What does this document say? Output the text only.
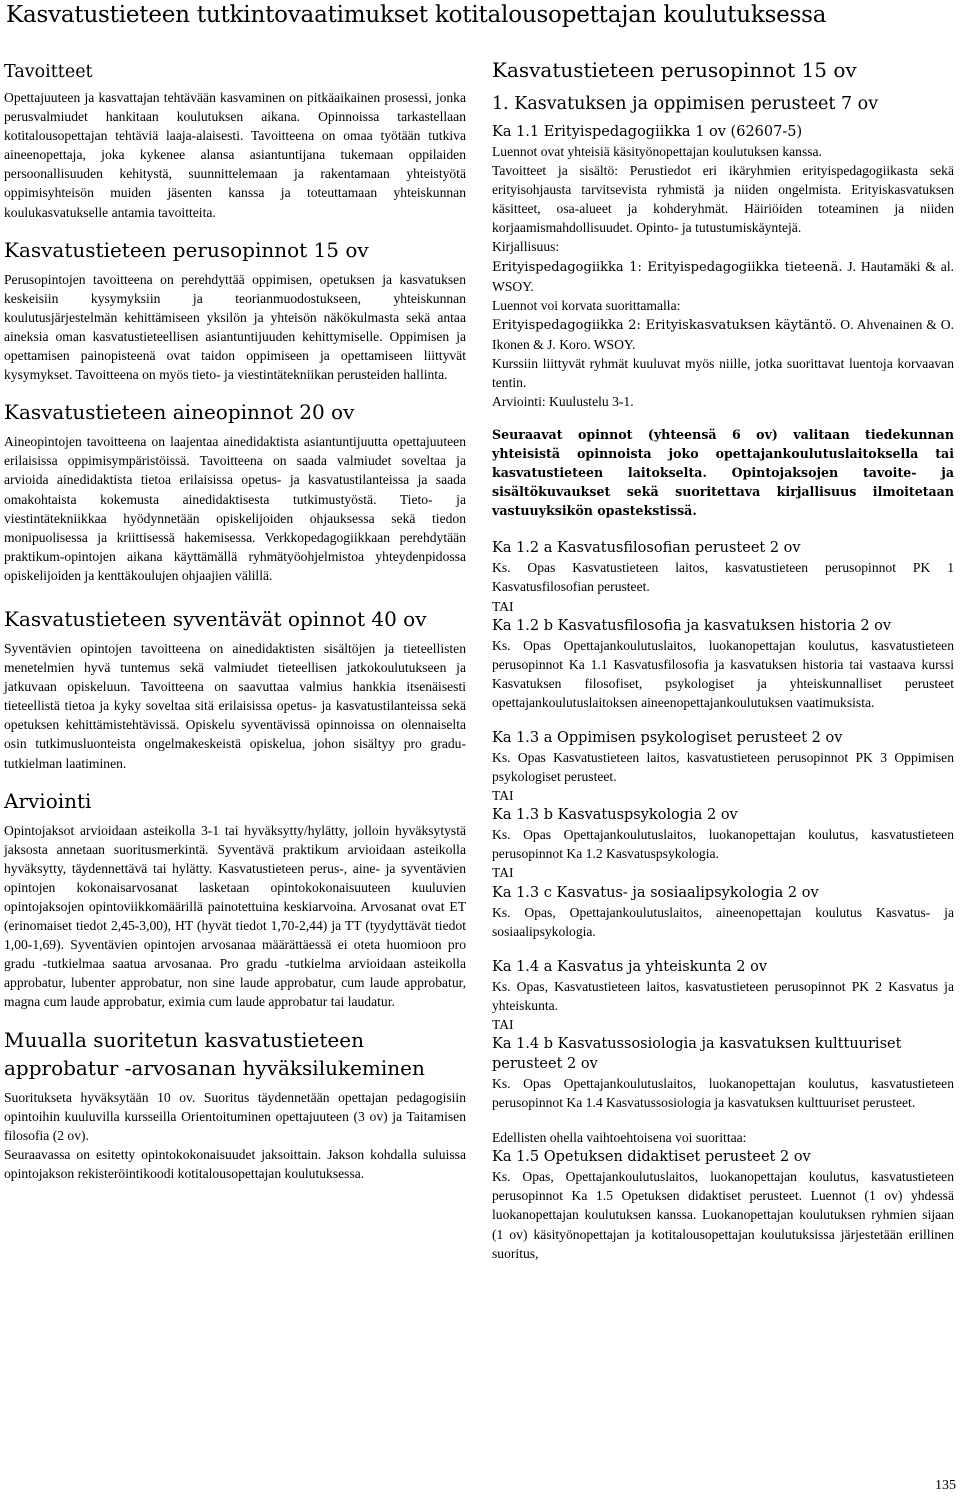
Kasvatustieteen tutkintovaatimukset kotitalousopettajan koulutuksessa
Tavoitteet

Opettajuuteen ja kasvattajan tehtävään kasvaminen on pitkäaikainen prosessi, jonka perusvalmiudet hankitaan koulutuksen aikana. Opinnoissa tarkastellaan kotitalousopettajan tehtäviä laaja-alaisesti. Tavoitteena on omaa työtään tutkiva aineenopettaja, joka kykenee alansa asiantuntijana tukemaan oppilaiden persoonallisuuden kehitystä, suunnittelemaan ja rakentamaan yhteistyötä oppimisyhteisön muiden jäsenten kanssa ja toteuttamaan yhteiskunnan koulukasvatukselle antamia tavoitteita.

Kasvatustieteen perusopinnot 15 ov

Perusopintojen tavoitteena on perehdyttää oppimisen, opetuksen ja kasvatuksen keskeisiin kysymyksiin ja teorianmuodostukseen, yhteiskunnan koulutusjärjestelmän kehittämiseen yksilön ja yhteisön näkökulmasta sekä antaa aineksia oman kasvatustieteellisen asiantuntijuuden kehittymiselle. Oppimisen ja opettamisen painopisteenä ovat taidon oppimiseen ja opettamiseen liittyvät kysymykset. Tavoitteena on myös tieto- ja viestintätekniikan perusteiden hallinta.

Kasvatustieteen aineopinnot 20 ov

Aineopintojen tavoitteena on laajentaa ainedidaktista asiantuntijuutta opettajuuteen erilaisissa oppimisympäristöissä. Tavoitteena on saada valmiudet soveltaa ja arvioida ainedidaktista tietoa erilaisissa opetus- ja kasvatustilanteissa ja saada omakohtaista kokemusta ainedidaktisesta tutkimustyöstä. Tieto- ja viestintätekniikkaa hyödynnetään opiskelijoiden ohjauksessa sekä tiedon monipuolisessa ja kriittisessä hakemisessa. Verkkopedagogiikkaan perehdytään praktikum-opintojen aikana käyttämällä ryhmätyöohjelmistoa yhteydenpidossa opiskelijoiden ja kenttäkoulujen ohjaajien välillä.

Kasvatustieteen syventävät opinnot 40 ov

Syventävien opintojen tavoitteena on ainedidaktisten sisältöjen ja tieteellisten menetelmien hyvä tuntemus sekä valmiudet tieteellisen jatkokoulutukseen ja jatkuvaan opiskeluun. Tavoitteena on saavuttaa valmius hankkia itsenäisesti tieteellistä tietoa ja kyky soveltaa sitä erilaisissa opetus- ja kasvatustilanteissa sekä opetuksen kehittämistehtävissä. Opiskelu syventävissä opinnoissa on olennaiselta osin tutkimusluonteista ongelmakeskeistä opiskelua, johon sisältyy pro gradu-tutkielman laatiminen.

Arviointi

Opintojaksot arvioidaan asteikolla 3-1 tai hyväksytty/hylätty, jolloin hyväksytystä jaksosta annetaan suoritusmerkintä. Syventävä praktikum arvioidaan asteikolla hyväksytty, täydennettävä tai hylätty. Kasvatustieteen perus-, aine- ja syventävien opintojen kokonaisarvosanat lasketaan opintokokonaisuuteen kuuluvien opintojaksojen opintoviikkomäärillä painotettuina keskiarvoina. Arvosanat ovat ET (erinomaiset tiedot 2,45-3,00), HT (hyvät tiedot 1,70-2,44) ja TT (tyydyttävät tiedot 1,00-1,69). Syventävien opintojen arvosanaa määrättäessä ei oteta huomioon pro gradu -tutkielmaa saatua arvosanaa. Pro gradu -tutkielma arvioidaan asteikolla approbatur, lubenter approbatur, non sine laude approbatur, cum laude approbatur, magna cum laude approbatur, eximia cum laude approbatur tai laudatur.

Muualla suoritetun kasvatustieteen
approbatur -arvosanan hyväksilukeminen

Suoritukseta hyväksytään 10 ov. Suoritus täydennetään opettajan pedagogisiin opintoihin kuuluvilla kursseilla Orientoituminen opettajuuteen (3 ov) ja Taitamisen filosofia (2 ov).

Seuraavassa on esitetty opintokokonaisuudet jaksoittain. Jakson kohdalla suluissa opintojakson rekisteröintikoodi kotitalousopettajan koulutuksessa.

Kasvatustieteen perusopinnot 15 ov
1. Kasvatuksen ja oppimisen perusteet 7 ov
Ka 1.1 Erityispedagogiikka 1 ov (62607-5)

Luennot ovat yhteisiä käsityönopettajan koulutuksen kanssa.

Tavoitteet ja sisältö: Perustiedot eri ikäryhmien erityispedagogiikasta sekä erityisohjausta tarvitsevista ryhmistä ja niiden ongelmista. Erityiskasvatuksen käsitteet, osa-alueet ja kohderyhmät. Häiriöiden toteaminen ja niiden korjaamismahdollisuudet. Opinto- ja tutustumiskäyntejä.

Kirjallisuus:

Erityispedagogiikka 1: Erityispedagogiikka tieteenä. J. Hautamäki & al. WSOY.

Luennot voi korvata suorittamalla:

Erityispedagogiikka 2: Erityiskasvatuksen käytäntö. O. Ahvenainen & O. Ikonen & J. Koro. WSOY.

Kurssiin liittyvät ryhmät kuuluvat myös niille, jotka suorittavat luentoja korvaavan tentin.

Arviointi: Kuulustelu 3-1.

Seuraavat opinnot (yhteensä 6 ov) valitaan tiedekunnan yhteisistä opinnoista joko opettajankoulutuslaitoksella tai kasvatustieteen laitokselta. Opintojaksojen tavoite- ja sisältökuvaukset sekä suoritettava kirjallisuus ilmoitetaan vastuuyksikön opastekstissä.

Ka 1.2 a Kasvatusfilosofian perusteet 2 ov

Ks. Opas Kasvatustieteen laitos, kasvatustieteen perusopinnot PK 1 Kasvatusfilosofian perusteet.

TAI

Ka 1.2 b Kasvatusfilosofia ja kasvatuksen historia 2 ov

Ks. Opas Opettajankoulutuslaitos, luokanopettajan koulutus, kasvatustieteen perusopinnot Ka 1.1 Kasvatusfilosofia ja kasvatuksen historia tai vastaava kurssi Kasvatuksen filosofiset, psykologiset ja yhteiskunnalliset perusteet opettajankoulutuslaitoksen aineenopettajankoulutuksen vaatimuksista.

Ka 1.3 a Oppimisen psykologiset perusteet 2 ov

Ks. Opas Kasvatustieteen laitos, kasvatustieteen perusopinnot PK 3 Oppimisen psykologiset perusteet.

TAI

Ka 1.3 b Kasvatuspsykologia 2 ov

Ks. Opas Opettajankoulutuslaitos, luokanopettajan koulutus, kasvatustieteen perusopinnot Ka 1.2 Kasvatuspsykologia.

TAI

Ka 1.3 c Kasvatus- ja sosiaalipsykologia 2 ov

Ks. Opas, Opettajankoulutuslaitos, aineenopettajan koulutus Kasvatus- ja sosiaalipsykologia.

Ka 1.4 a Kasvatus ja yhteiskunta 2 ov

Ks. Opas, Kasvatustieteen laitos, kasvatustieteen perusopinnot PK 2 Kasvatus ja yhteiskunta.

TAI

Ka 1.4 b Kasvatussosiologia ja kasvatuksen kulttuuriset perusteet 2 ov

Ks. Opas Opettajankoulutuslaitos, luokanopettajan koulutus, kasvatustieteen perusopinnot Ka 1.4 Kasvatussosiologia ja kasvatuksen kulttuuriset perusteet.

Edellisten ohella vaihtoehtoisena voi suorittaa:

Ka 1.5 Opetuksen didaktiset perusteet 2 ov

Ks. Opas, Opettajankoulutuslaitos, luokanopettajan koulutus, kasvatustieteen perusopinnot Ka 1.5 Opetuksen didaktiset perusteet. Luennot (1 ov) yhdessä luokanopettajan koulutuksen kanssa. Luokanopettajan koulutuksen ryhmien sijaan (1 ov) käsityönopettajan ja kotitalousopettajan koulutuksissa järjestetään erillinen suoritus,

135
